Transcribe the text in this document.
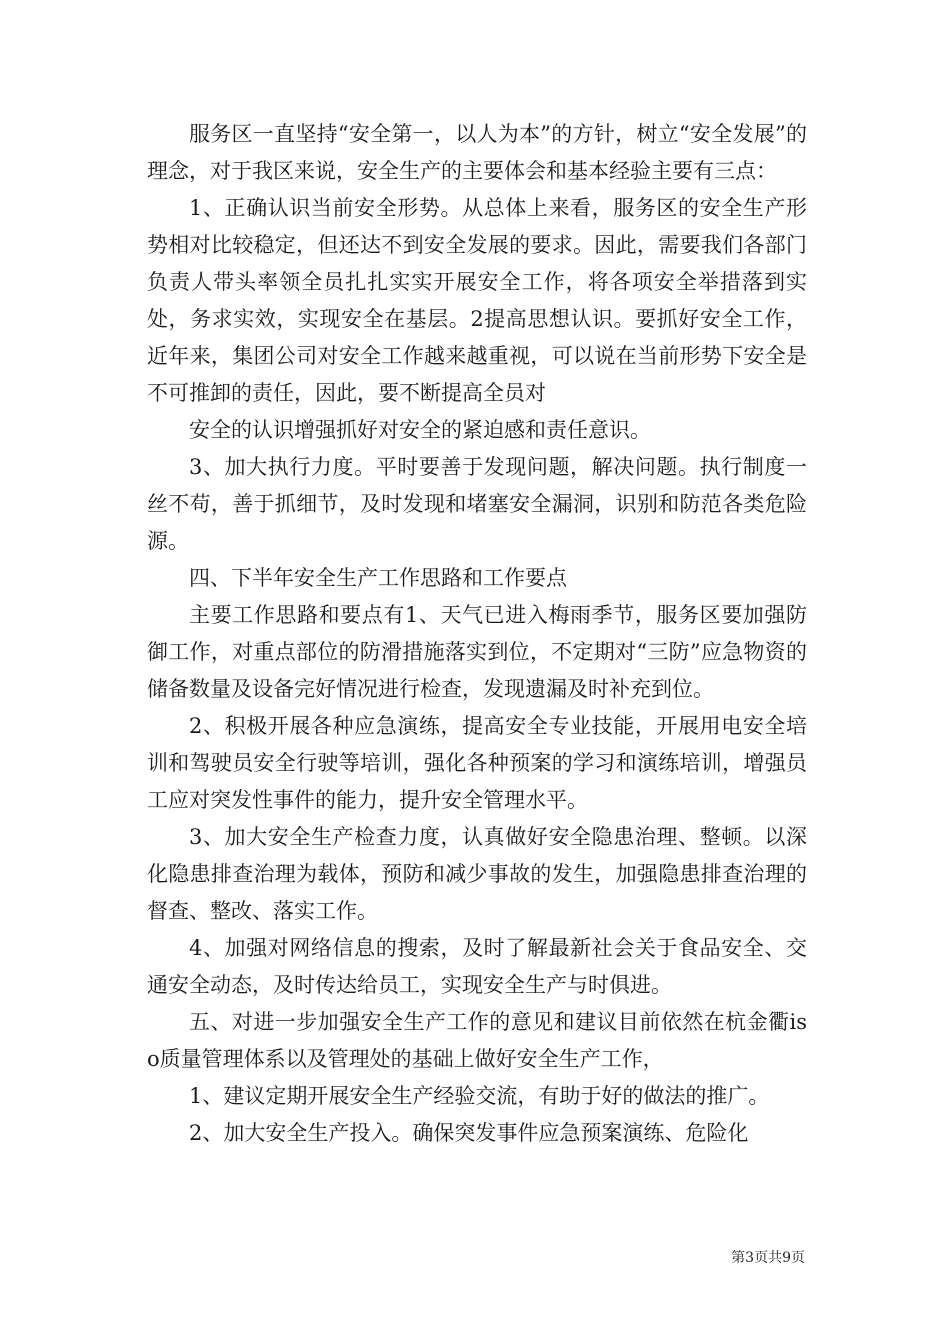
服务区一直坚持“安全第一，以人为本”的方针，树立“安全发展”的理念，对于我区来说，安全生产的主要体会和基本经验主要有三点：

1、正确认识当前安全形势。从总体上来看，服务区的安全生产形势相对比较稳定，但还达不到安全发展的要求。因此，需要我们各部门负责人带头率领全员扎扎实实开展安全工作，将各项安全举措落到实处，务求实效，实现安全在基层。2提高思想认识。要抓好安全工作，近年来，集团公司对安全工作越来越重视，可以说在当前形势下安全是不可推卸的责任，因此，要不断提高全员对

安全的认识增强抓好对安全的紧迫感和责任意识。

3、加大执行力度。平时要善于发现问题，解决问题。执行制度一丝不苟，善于抓细节，及时发现和堵塞安全漏洞，识别和防范各类危险源。

四、下半年安全生产工作思路和工作要点

主要工作思路和要点有1、天气已进入梅雨季节，服务区要加强防御工作，对重点部位的防滑措施落实到位，不定期对“三防”应急物资的储备数量及设备完好情况进行检查，发现遗漏及时补充到位。

2、积极开展各种应急演练，提高安全专业技能，开展用电安全培训和驾驶员安全行驶等培训，强化各种预案的学习和演练培训，增强员工应对突发性事件的能力，提升安全管理水平。

3、加大安全生产检查力度，认真做好安全隐患治理、整顿。以深化隐患排查治理为载体，预防和减少事故的发生，加强隐患排查治理的督查、整改、落实工作。

4、加强对网络信息的搜索，及时了解最新社会关于食品安全、交通安全动态，及时传达给员工，实现安全生产与时俱进。

五、对进一步加强安全生产工作的意见和建议目前依然在杭金衢iso质量管理体系以及管理处的基础上做好安全生产工作，

1、建议定期开展安全生产经验交流，有助于好的做法的推广。

2、加大安全生产投入。确保突发事件应急预案演练、危险化

第3页共9页
